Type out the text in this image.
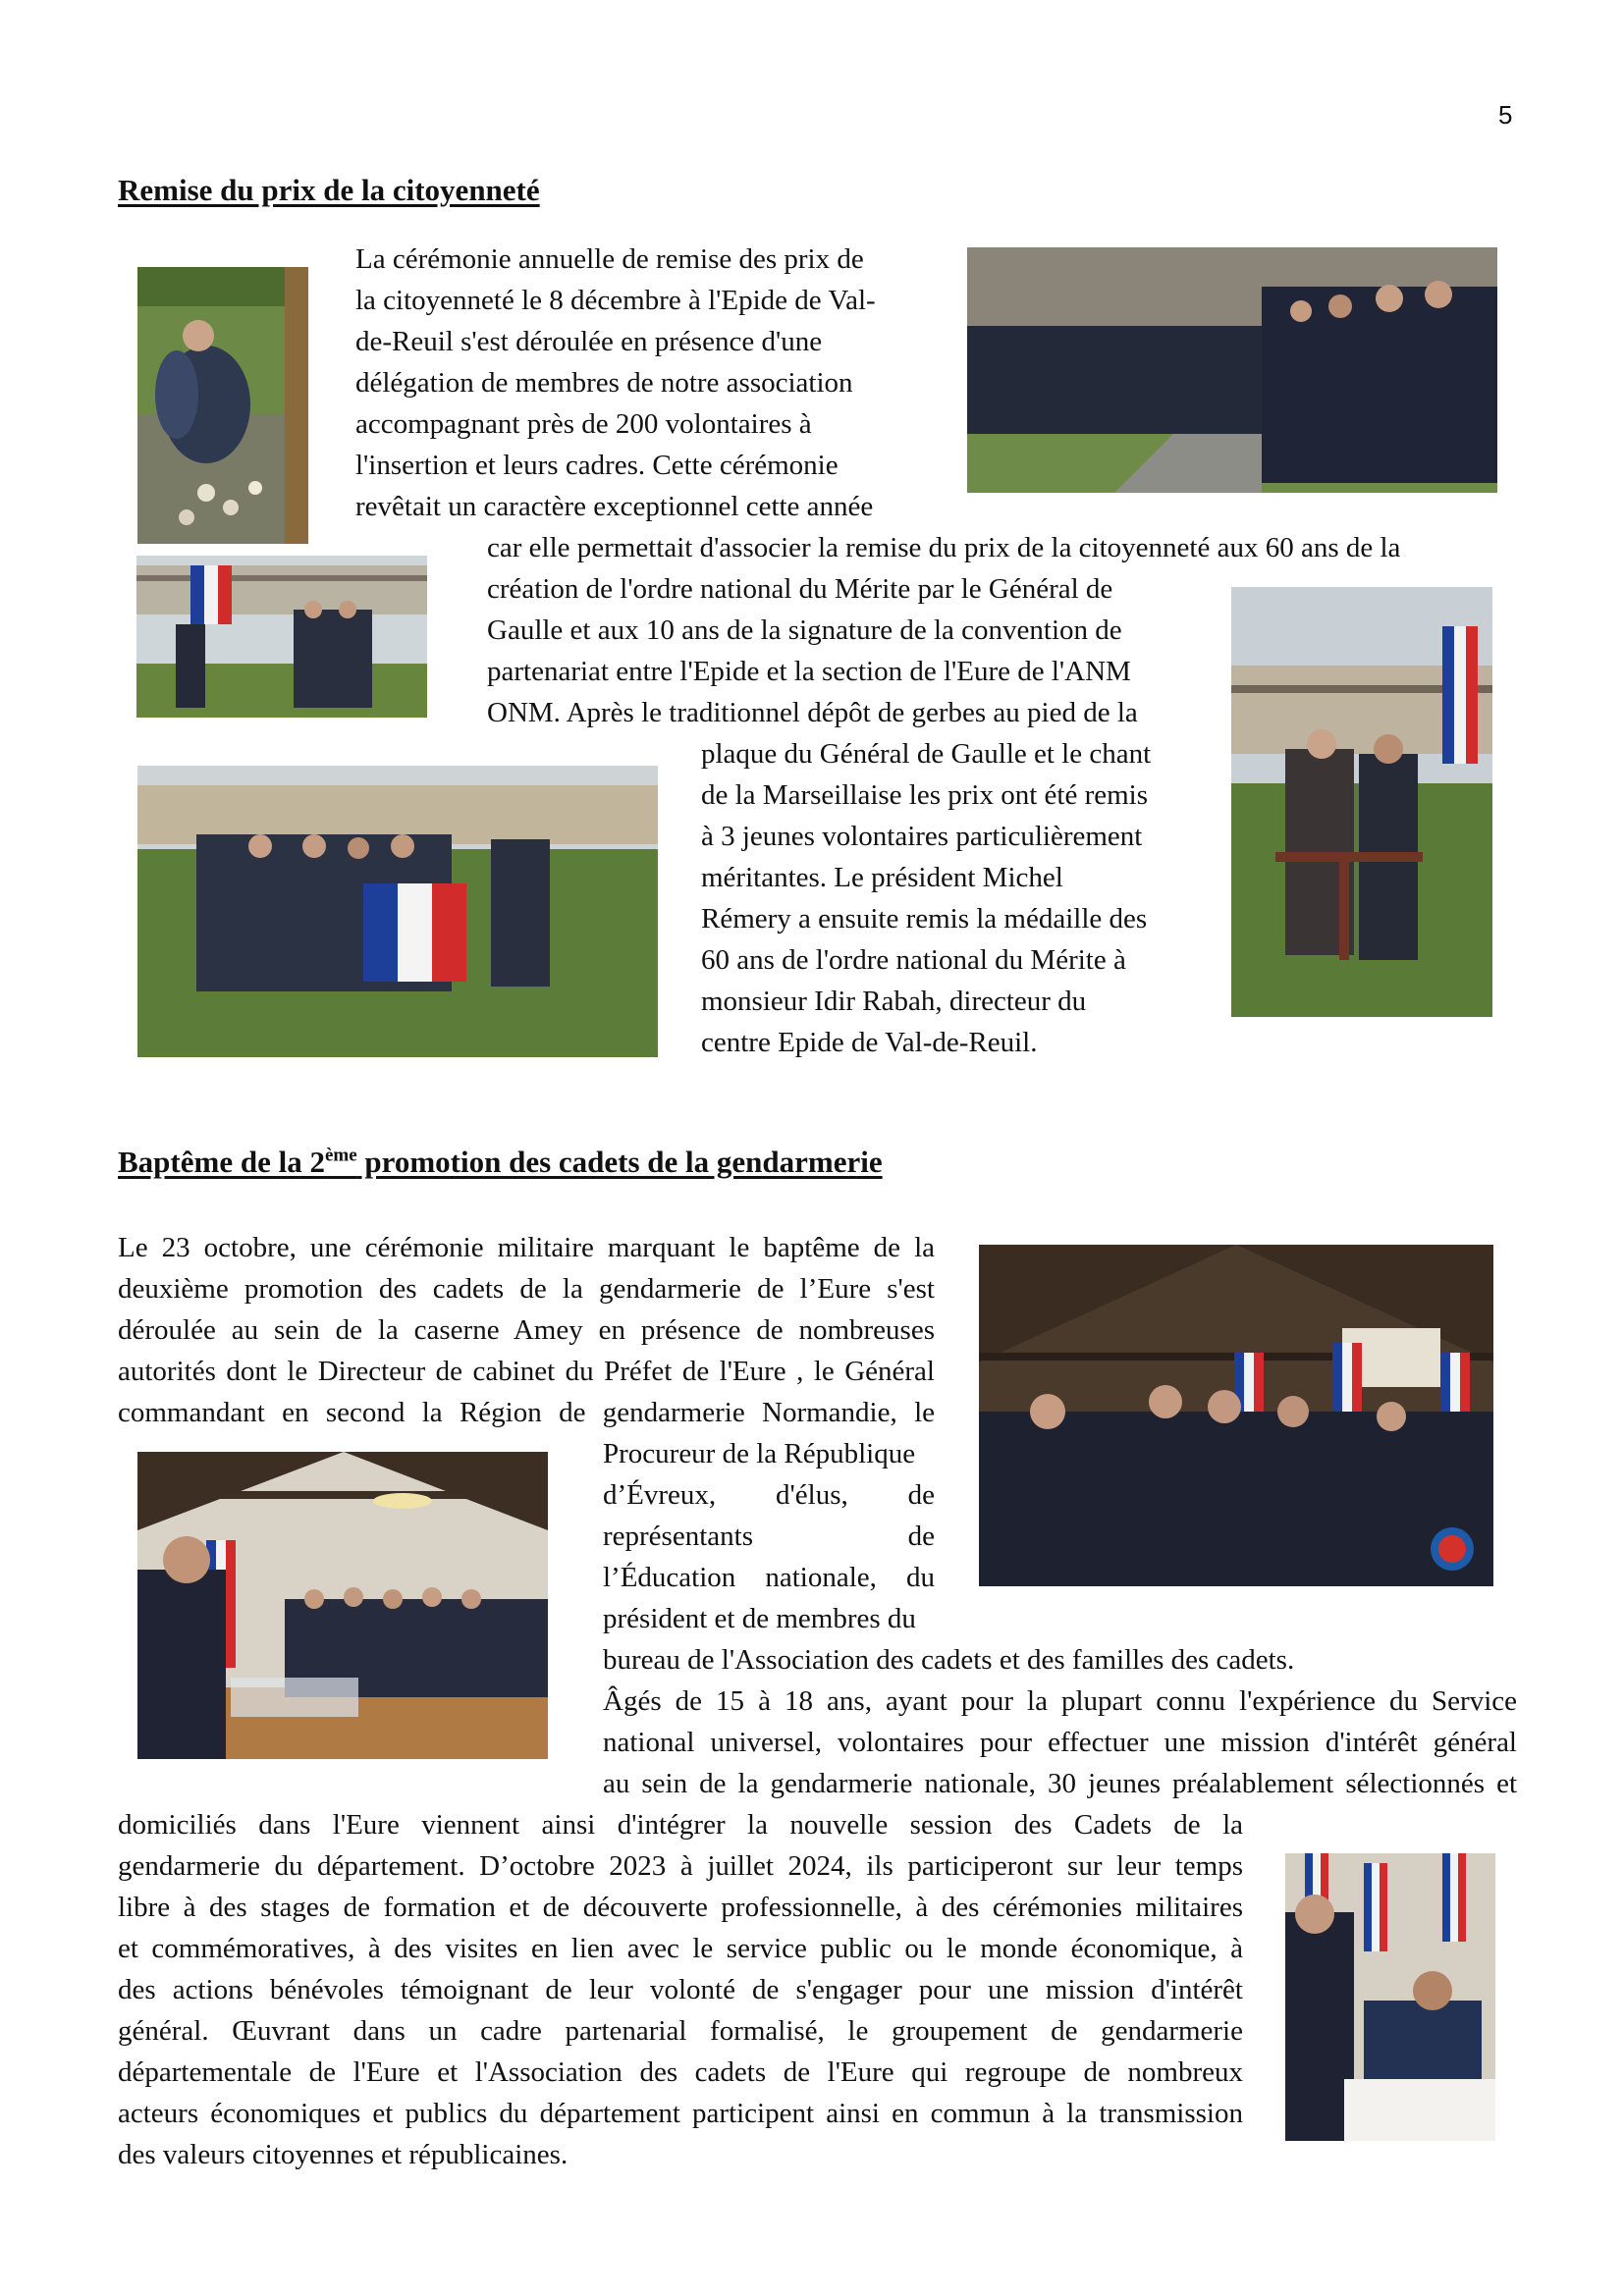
5
Remise du prix de la citoyenneté
La cérémonie annuelle de remise des prix de
la citoyenneté le 8 décembre à l'Epide de Val-
de-Reuil s'est déroulée en présence d'une
délégation de membres de notre association
accompagnant près de 200 volontaires à
l'insertion et leurs cadres. Cette cérémonie
revêtait un caractère exceptionnel cette année
car elle permettait d'associer la remise du prix de la citoyenneté aux 60 ans de la
création de l'ordre national du Mérite par le Général de
Gaulle et aux 10 ans de la signature de la convention de
partenariat entre l'Epide et la section de l'Eure de l'ANM
ONM. Après le traditionnel dépôt de gerbes au pied de la
plaque du Général de Gaulle et le chant
de la Marseillaise les prix ont été remis
à 3 jeunes volontaires particulièrement
méritantes. Le président Michel
Rémery a ensuite remis la médaille des
60 ans de l'ordre national du Mérite à
monsieur Idir Rabah, directeur du
centre Epide de Val-de-Reuil.
Baptême de la 2ème promotion des cadets de la gendarmerie
Le 23 octobre, une cérémonie militaire marquant le baptême de la
deuxième promotion des cadets de la gendarmerie de l’Eure s'est
déroulée au sein de la caserne Amey en présence de nombreuses
autorités dont le Directeur de cabinet du Préfet de l'Eure , le Général
commandant en second la Région de gendarmerie Normandie, le
Procureur de la République
d’Évreux, d'élus, de
représentants de
l’Éducation nationale, du
président et de membres du
bureau de l'Association des cadets et des familles des cadets.
Âgés de 15 à 18 ans, ayant pour la plupart connu l'expérience du Service
national universel, volontaires pour effectuer une mission d'intérêt général
au sein de la gendarmerie nationale, 30 jeunes préalablement sélectionnés et
domiciliés dans l'Eure viennent ainsi d'intégrer la nouvelle session des Cadets de la
gendarmerie du département. D’octobre 2023 à juillet 2024, ils participeront sur leur temps
libre à des stages de formation et de découverte professionnelle, à des cérémonies militaires
et commémoratives, à des visites en lien avec le service public ou le monde économique, à
des actions bénévoles témoignant de leur volonté de s'engager pour une mission d'intérêt
général. Œuvrant dans un cadre partenarial formalisé, le groupement de gendarmerie
départementale de l'Eure et l'Association des cadets de l'Eure qui regroupe de nombreux
acteurs économiques et publics du département participent ainsi en commun à la transmission
des valeurs citoyennes et républicaines.
